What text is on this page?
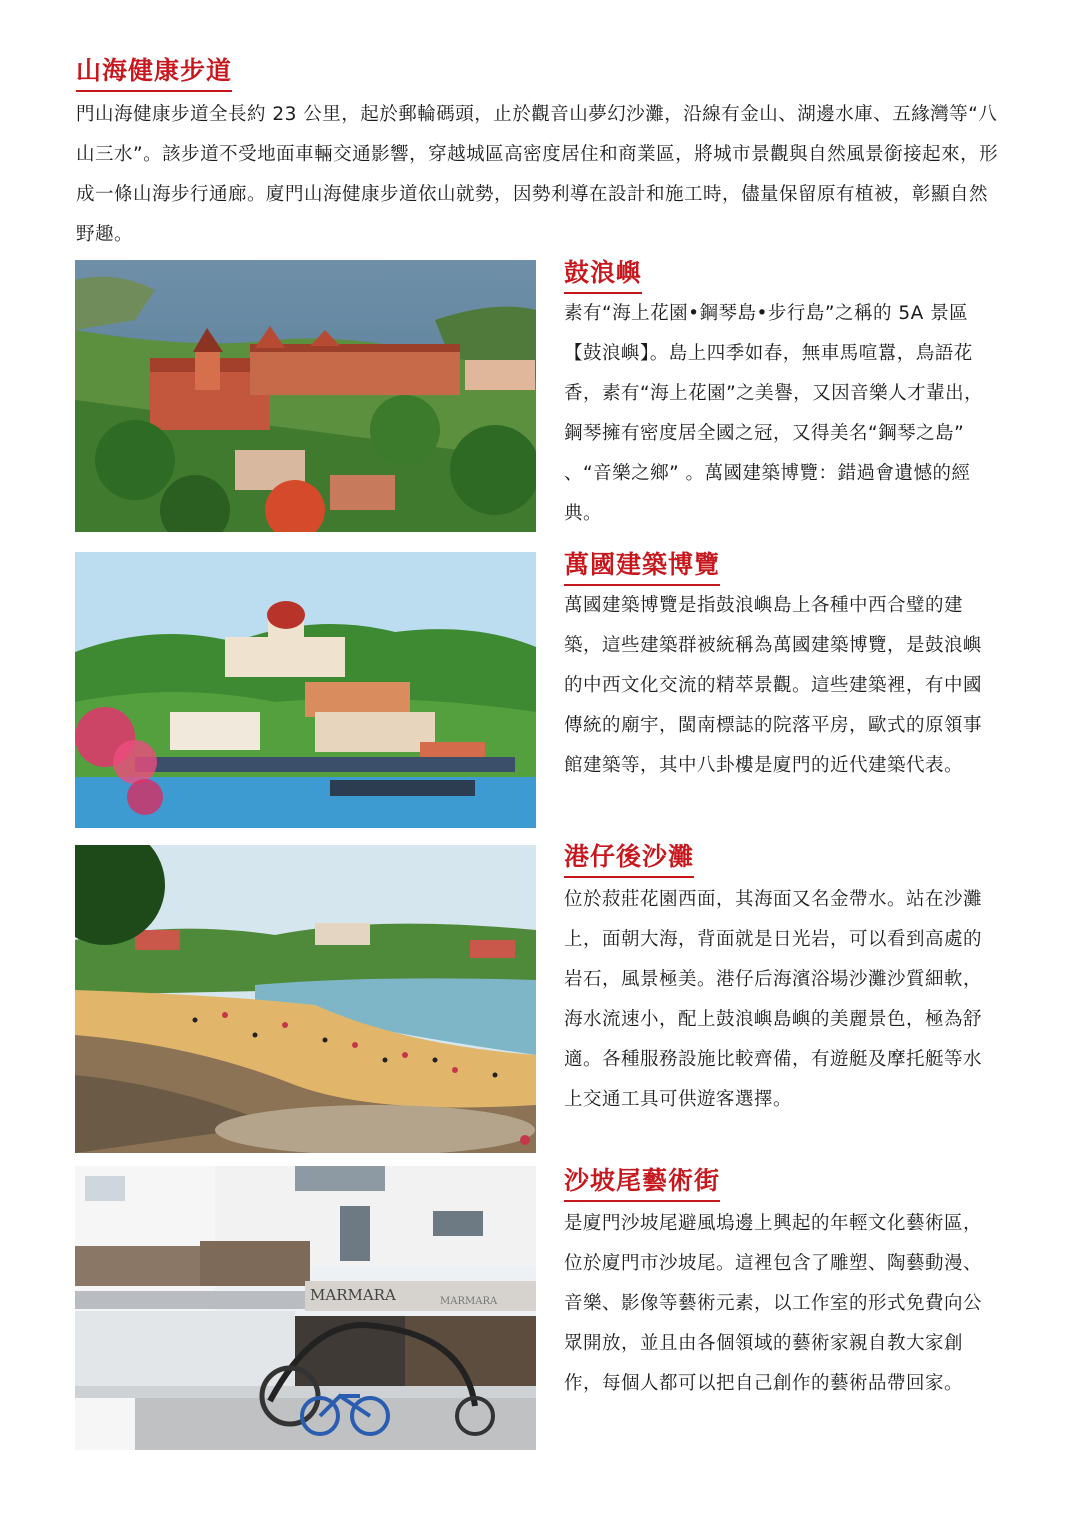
山海健康步道
門山海健康步道全長約 23 公里，起於郵輪碼頭，止於觀音山夢幻沙灘，沿線有金山、湖邊水庫、五緣灣等“八山三水”。該步道不受地面車輛交通影響，穿越城區高密度居住和商業區，將城市景觀與自然風景銜接起來，形成一條山海步行通廊。廈門山海健康步道依山就勢，因勢利導在設計和施工時，儘量保留原有植被，彰顯自然野趣。
鼓浪嶼
素有“海上花園•鋼琴島•步行島”之稱的 5A 景區【鼓浪嶼】。島上四季如春，無車馬喧囂，鳥語花香，素有“海上花園”之美譽，又因音樂人才輩出， 鋼琴擁有密度居全國之冠，又得美名“鋼琴之島” 、“音樂之鄉” 。萬國建築博覽：錯過會遺憾的經典。
萬國建築博覽
萬國建築博覽是指鼓浪嶼島上各種中西合璧的建築，這些建築群被統稱為萬國建築博覽，是鼓浪嶼的中西文化交流的精萃景觀。這些建築裡，有中國傳統的廟宇，閩南標誌的院落平房，歐式的原領事館建築等，其中八卦樓是廈門的近代建築代表。
港仔後沙灘
位於菽莊花園西面，其海面又名金帶水。站在沙灘上，面朝大海，背面就是日光岩，可以看到高處的岩石，風景極美。港仔后海濱浴場沙灘沙質細軟，海水流速小，配上鼓浪嶼島嶼的美麗景色，極為舒適。各種服務設施比較齊備，有遊艇及摩托艇等水上交通工具可供遊客選擇。
MARMARA	MARMARA
沙坡尾藝術街
是廈門沙坡尾避風塢邊上興起的年輕文化藝術區，位於廈門市沙坡尾。這裡包含了雕塑、陶藝動漫、音樂、影像等藝術元素，以工作室的形式免費向公眾開放，並且由各個領域的藝術家親自教大家創作，每個人都可以把自己創作的藝術品帶回家。
